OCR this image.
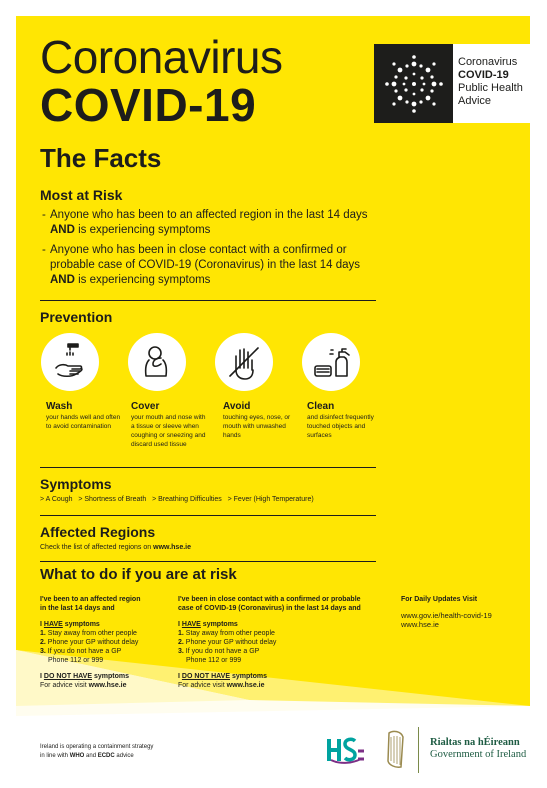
Coronavirus
COVID-19
The Facts
Coronavirus
COVID-19
Public Health
Advice
Most at Risk
- Anyone who has been to an affected region in the last 14 days
AND is experiencing symptoms
- Anyone who has been in close contact with a confirmed or
probable case of COVID-19 (Coronavirus) in the last 14 days
AND is experiencing symptoms
Prevention
Wash
your hands well and often to avoid contamination
Cover
your mouth and nose with a tissue or sleeve when coughing or sneezing and discard used tissue
Avoid
touching eyes, nose, or mouth with unwashed hands
Clean
and disinfect frequently touched objects and surfaces
Symptoms
> A Cough   > Shortness of Breath   > Breathing Difficulties   > Fever (High Temperature)
Affected Regions
Check the list of affected regions on www.hse.ie
What to do if you are at risk
I've been to an affected region
in the last 14 days and
I HAVE symptoms
1. Stay away from other people
2. Phone your GP without delay
3. If you do not have a GP
Phone 112 or 999
I DO NOT HAVE symptoms
For advice visit www.hse.ie
I've been in close contact with a confirmed or probable
case of COVID-19 (Coronavirus) in the last 14 days and
I HAVE symptoms
1. Stay away from other people
2. Phone your GP without delay
3. If you do not have a GP
Phone 112 or 999
I DO NOT HAVE symptoms
For advice visit www.hse.ie
For Daily Updates Visit
www.gov.ie/health-covid-19
www.hse.ie
Ireland is operating a containment strategy
in line with WHO and ECDC advice
Rialtas na hÉireann
Government of Ireland
